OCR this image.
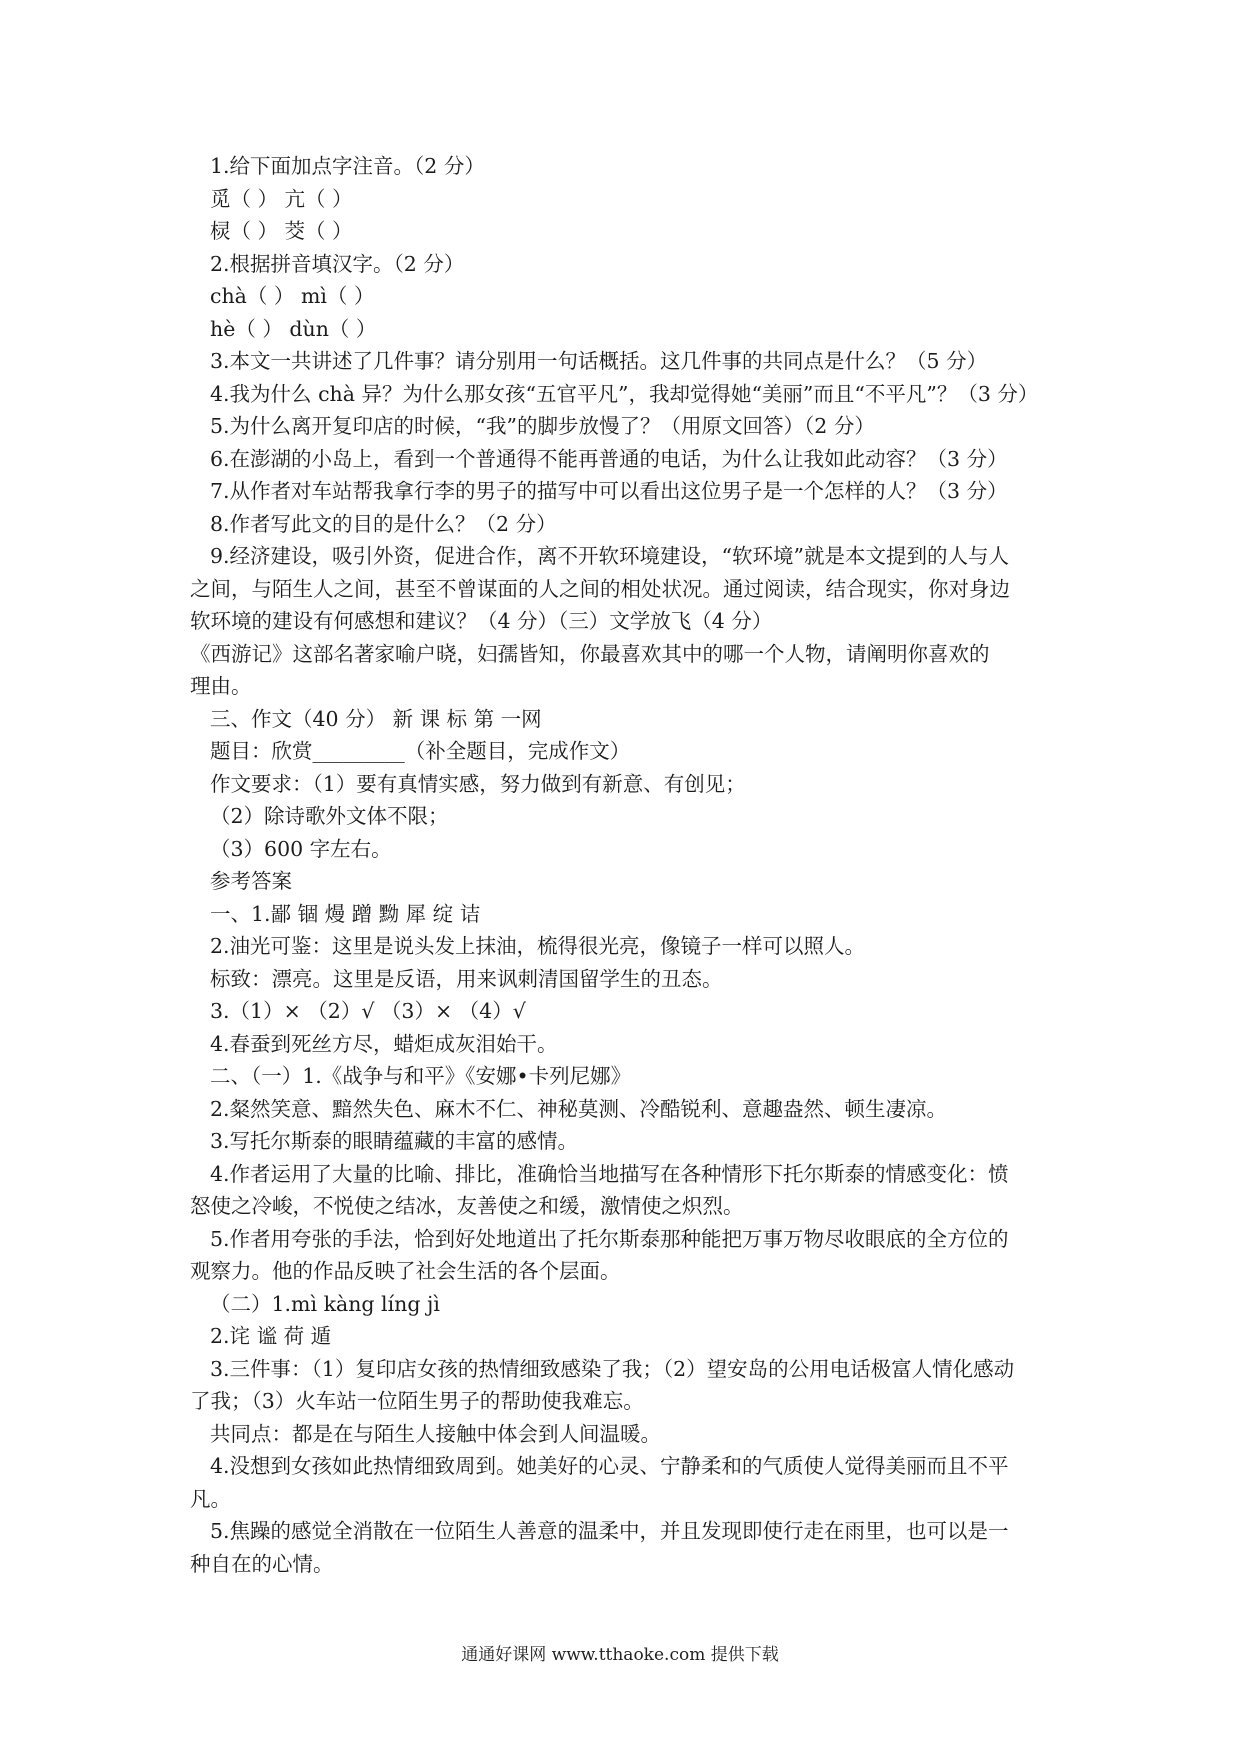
1.给下面加点字注音。（2 分）
觅（ ） 亢（ ）
棂（ ） 茭（ ）
2.根据拼音填汉字。（2 分）
chà（ ） mì（ ）
hè（ ） dùn（ ）
3.本文一共讲述了几件事？请分别用一句话概括。这几件事的共同点是什么？（5 分）
4.我为什么 chà 异？为什么那女孩“五官平凡”，我却觉得她“美丽”而且“不平凡”？（3 分）
5.为什么离开复印店的时候，“我”的脚步放慢了？（用原文回答）（2 分）
6.在澎湖的小岛上，看到一个普通得不能再普通的电话，为什么让我如此动容？（3 分）
7.从作者对车站帮我拿行李的男子的描写中可以看出这位男子是一个怎样的人？（3 分）
8.作者写此文的目的是什么？（2 分）
9.经济建设，吸引外资，促进合作，离不开软环境建设，“软环境”就是本文提到的人与人
之间，与陌生人之间，甚至不曾谋面的人之间的相处状况。通过阅读，结合现实，你对身边
软环境的建设有何感想和建议？（4 分）（三）文学放飞（4 分）
《西游记》这部名著家喻户晓，妇孺皆知，你最喜欢其中的哪一个人物，请阐明你喜欢的
理由。
三、作文（40 分） 新 课 标 第 一网
题目：欣赏_________（补全题目，完成作文）
作文要求：（1）要有真情实感，努力做到有新意、有创见；
（2）除诗歌外文体不限；
（3）600 字左右。
参考答案
一、1.鄙 锢 熳 蹭 黝 犀 绽 诘
2.油光可鉴：这里是说头发上抹油，梳得很光亮，像镜子一样可以照人。
标致：漂亮。这里是反语，用来讽刺清国留学生的丑态。
3.（1）× （2）√ （3）× （4）√
4.春蚕到死丝方尽，蜡炬成灰泪始干。
二、（一）1.《战争与和平》《安娜•卡列尼娜》
2.粲然笑意、黯然失色、麻木不仁、神秘莫测、冷酷锐利、意趣盎然、顿生凄凉。
3.写托尔斯泰的眼睛蕴藏的丰富的感情。
4.作者运用了大量的比喻、排比，准确恰当地描写在各种情形下托尔斯泰的情感变化：愤
怒使之冷峻，不悦使之结冰，友善使之和缓，激情使之炽烈。
5.作者用夸张的手法，恰到好处地道出了托尔斯泰那种能把万事万物尽收眼底的全方位的
观察力。他的作品反映了社会生活的各个层面。
（二）1.mì kàng líng jì
2.诧 谧 荷 遁
3.三件事：（1）复印店女孩的热情细致感染了我；（2）望安岛的公用电话极富人情化感动
了我；（3）火车站一位陌生男子的帮助使我难忘。
共同点：都是在与陌生人接触中体会到人间温暖。
4.没想到女孩如此热情细致周到。她美好的心灵、宁静柔和的气质使人觉得美丽而且不平
凡。
5.焦躁的感觉全消散在一位陌生人善意的温柔中，并且发现即使行走在雨里，也可以是一
种自在的心情。
通通好课网 www.tthaoke.com 提供下载
